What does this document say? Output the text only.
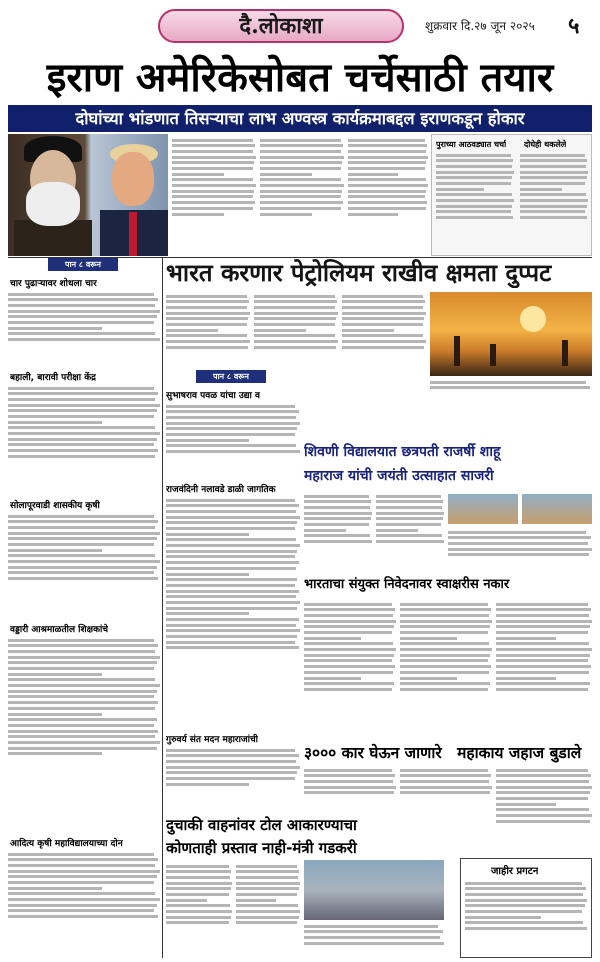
दै.लोकाशा	शुक्रवार दि.२७ जून २०२५ ५
इराण अमेरिकेसोबत चर्चेसाठी तयार
दोघांच्या भांडणात तिसऱ्याचा लाभ अण्वस्त्र कार्यक्रमाबद्दल इराणकडून होकार
पुराच्या आठवड्यात चर्चा दोघेही थकलेले
पान ८ वरून
चार पुढाऱ्यावर शोधला चार
बहाली, बारावी परीक्षा केंद्र
सोलापूरवाडी शासकीय कृषी
वड्डारी आश्रमाळतील शिक्षकांचे
आदित्य कृषी महाविद्यालयाच्या दोन
भारत करणार पेट्रोलियम राखीव क्षमता दुप्पट
पान ८ वरून
सुभाषराव पवळ यांचा उद्या व
शिवणी विद्यालयात छत्रपती राजर्षी शाहू
महाराज यांची जयंती उत्साहात साजरी
राजवंदिनी नलावडे डाळी जागतिक
भारताचा संयुक्त निवेदनावर स्वाक्षरीस नकार
गुरुवर्य संत मदन महाराजांची
३००० कार घेऊन जाणारे महाकाय जहाज बुडाले
दुचाकी वाहनांवर टोल आकारण्याचा
कोणताही प्रस्ताव नाही-मंत्री गडकरी
जाहीर प्रगटन
